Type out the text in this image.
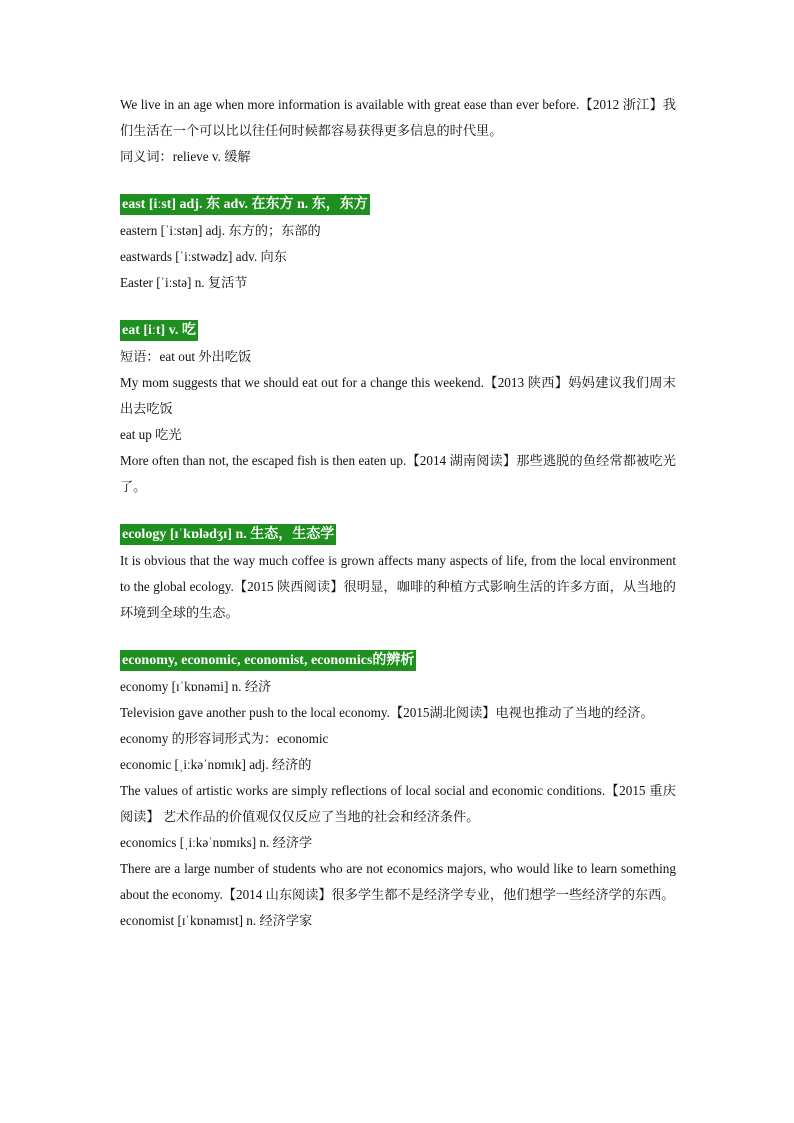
We live in an age when more information is available with great ease than ever before.【2012 浙江】我们生活在一个可以比以往任何时候都容易获得更多信息的时代里。

同义词：relieve v. 缓解

east [iːst] adj. 东 adv. 在东方 n. 东，东方

eastern [ˈiːstən] adj. 东方的；东部的

eastwards [ˈiːstwədz] adv. 向东

Easter [ˈiːstə] n. 复活节

eat [iːt] v. 吃

短语：eat out 外出吃饭

My mom suggests that we should eat out for a change this weekend.【2013 陕西】妈妈建议我们周末出去吃饭

eat up 吃光

More often than not, the escaped fish is then eaten up.【2014 湖南阅读】那些逃脱的鱼经常都被吃光了。

ecology [ɪˈkɒlədʒɪ] n. 生态，生态学

It is obvious that the way much coffee is grown affects many aspects of life, from the local environment to the global ecology.【2015 陕西阅读】很明显，咖啡的种植方式影响生活的许多方面，从当地的环境到全球的生态。

economy, economic, economist, economics的辨析

economy [ɪˈkɒnəmi] n. 经济

Television gave another push to the local economy.【2015湖北阅读】电视也推动了当地的经济。

economy 的形容词形式为：economic

economic [ˌiːkəˈnɒmɪk] adj. 经济的

The values of artistic works are simply reflections of local social and economic conditions.【2015 重庆阅读】 艺术作品的价值观仅仅反应了当地的社会和经济条件。

economics [ˌiːkəˈnɒmɪks] n. 经济学

There are a large number of students who are not economics majors, who would like to learn something about the economy.【2014 山东阅读】很多学生都不是经济学专业，他们想学一些经济学的东西。

economist [ɪˈkɒnəmɪst] n. 经济学家
